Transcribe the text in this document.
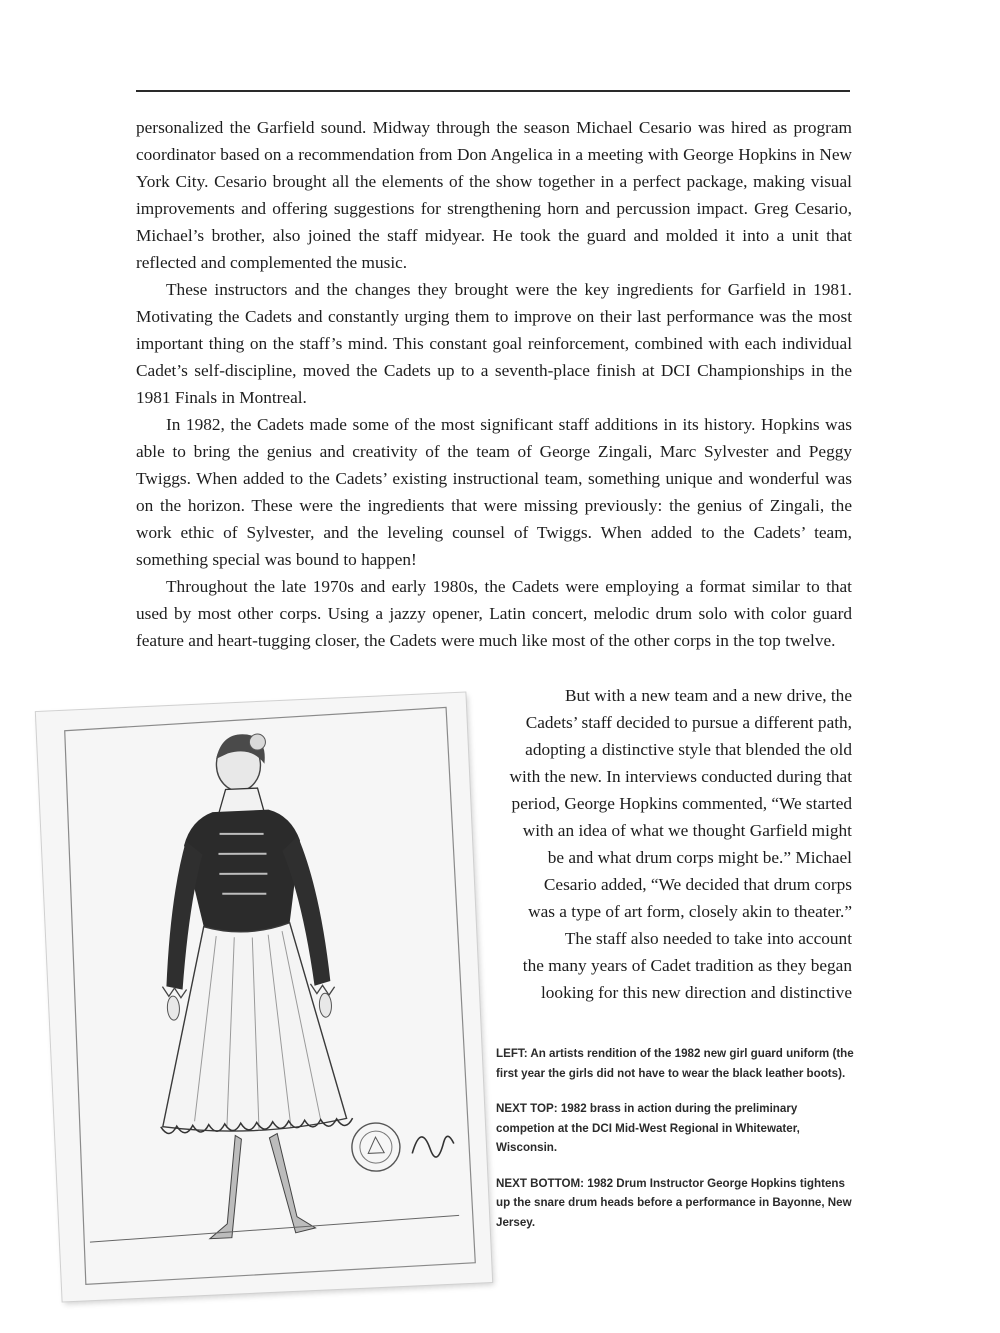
personalized the Garfield sound. Midway through the season Michael Cesario was hired as program coordinator based on a recommendation from Don Angelica in a meeting with George Hopkins in New York City. Cesario brought all the elements of the show together in a perfect package, making visual improvements and offering suggestions for strengthening horn and percussion impact. Greg Cesario, Michael’s brother, also joined the staff midyear. He took the guard and molded it into a unit that reflected and complemented the music.

These instructors and the changes they brought were the key ingredients for Garfield in 1981. Motivating the Cadets and constantly urging them to improve on their last performance was the most important thing on the staff’s mind. This constant goal reinforcement, combined with each individual Cadet’s self-discipline, moved the Cadets up to a seventh-place finish at DCI Championships in the 1981 Finals in Montreal.

In 1982, the Cadets made some of the most significant staff additions in its history. Hopkins was able to bring the genius and creativity of the team of George Zingali, Marc Sylvester and Peggy Twiggs. When added to the Cadets’ existing instructional team, something unique and wonderful was on the horizon. These were the ingredients that were missing previously: the genius of Zingali, the work ethic of Sylvester, and the leveling counsel of Twiggs. When added to the Cadets’ team, something special was bound to happen!

Throughout the late 1970s and early 1980s, the Cadets were employing a format similar to that used by most other corps. Using a jazzy opener, Latin concert, melodic drum solo with color guard feature and heart-tugging closer, the Cadets were much like most of the other corps in the top twelve.

But with a new team and a new drive, the
Cadets’ staff decided to pursue a different path,
adopting a distinctive style that blended the old
with the new. In interviews conducted during that
period, George Hopkins commented, “We started
with an idea of what we thought Garfield might
be and what drum corps might be.” Michael
Cesario added, “We decided that drum corps
was a type of art form, closely akin to theater.”
The staff also needed to take into account
the many years of Cadet tradition as they began
looking for this new direction and distinctive

LEFT: An artists rendition of the 1982 new girl guard uniform (the first year the girls did not have to wear the black leather boots).

NEXT TOP: 1982 brass in action during the preliminary competion at the DCI Mid-West Regional in Whitewater, Wisconsin.

NEXT BOTTOM: 1982 Drum Instructor George Hopkins tightens up the snare drum heads before a performance in Bayonne, New Jersey.
